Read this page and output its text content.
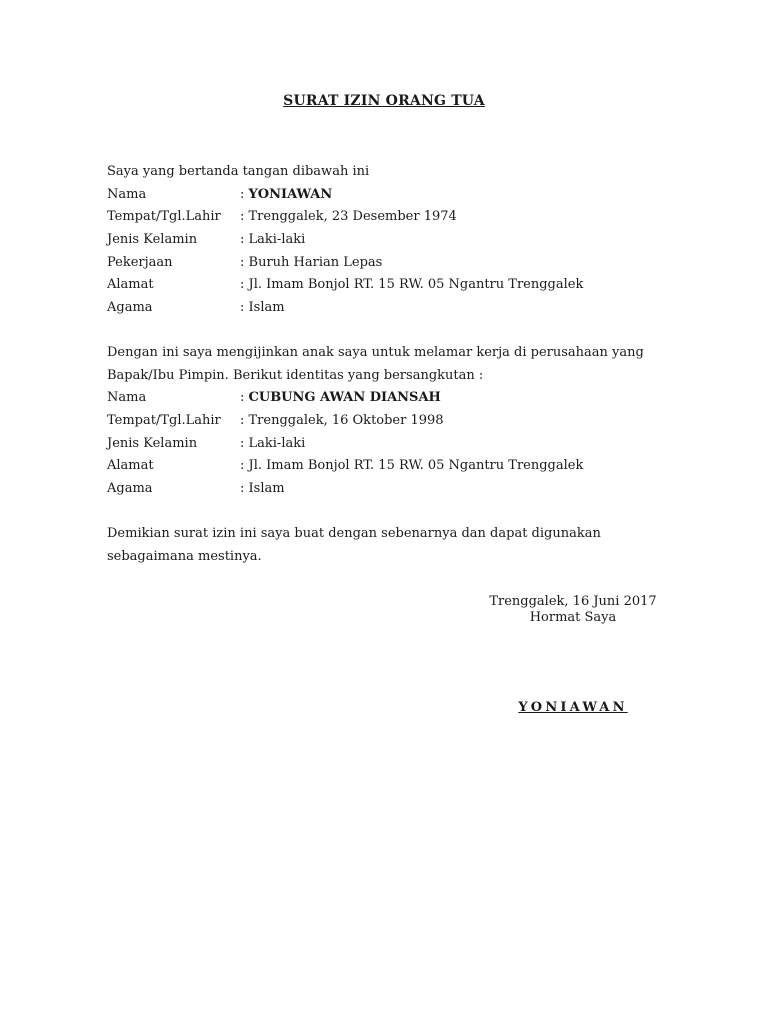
SURAT IZIN ORANG TUA
Saya yang bertanda tangan dibawah ini
Nama	: YONIAWAN
Tempat/Tgl.Lahir	: Trenggalek, 23 Desember 1974
Jenis Kelamin	: Laki-laki
Pekerjaan	: Buruh Harian Lepas
Alamat	: Jl. Imam Bonjol RT. 15 RW. 05 Ngantru Trenggalek
Agama	: Islam
Dengan ini saya mengijinkan anak saya untuk melamar kerja di perusahaan yang Bapak/Ibu Pimpin. Berikut identitas yang bersangkutan :
Nama	: CUBUNG AWAN DIANSAH
Tempat/Tgl.Lahir	: Trenggalek, 16 Oktober 1998
Jenis Kelamin	: Laki-laki
Alamat	: Jl. Imam Bonjol RT. 15 RW. 05 Ngantru Trenggalek
Agama	: Islam
Demikian surat izin ini saya buat dengan sebenarnya dan dapat digunakan sebagaimana mestinya.
Trenggalek, 16 Juni 2017
Hormat Saya
YONIAWAN
